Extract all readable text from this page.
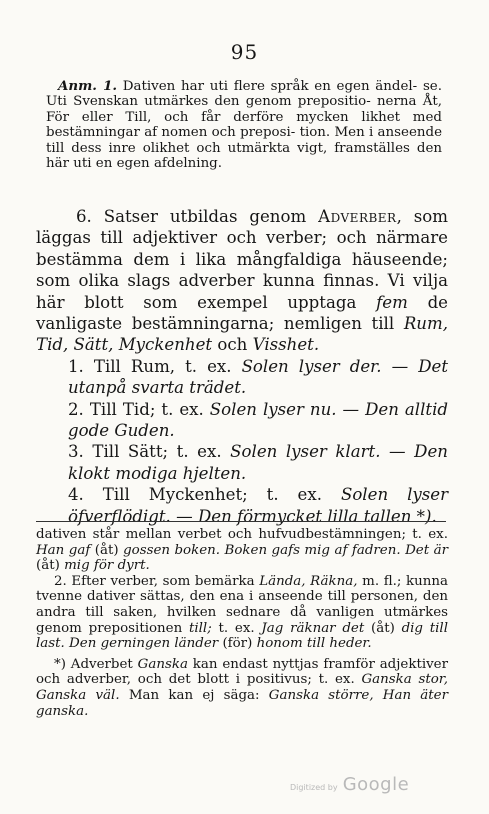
95

Anm. 1. Dativen har uti flere språk en egen ändel- se. Uti Svenskan utmärkes den genom prepositio- nerna Åt, För eller Till, och får derföre mycken likhet med bestämningar af nomen och preposi- tion. Men i anseende till dess inre olikhet och utmärkta vigt, framställes den här uti en egen afdelning.

6. Satser utbildas genom Adverber, som läggas till adjektiver och verber; och närmare bestämma dem i lika mångfaldiga häuseende; som olika slags adverber kunna finnas. Vi vilja här blott som exempel upptaga fem de vanligaste bestämningarna; nemligen till Rum, Tid, Sätt, Myckenhet och Visshet.

1. Till Rum, t. ex. Solen lyser der. — Det utanpå svarta trädet.

2. Till Tid; t. ex. Solen lyser nu. — Den alltid gode Guden.

3. Till Sätt; t. ex. Solen lyser klart. — Den klokt modiga hjelten.

4. Till Myckenhet; t. ex. Solen lyser öfverflödigt. — Den förmycket lilla tallen *).

dativen står mellan verbet och hufvudbestämningen; t. ex. Han gaf (åt) gossen boken. Boken gafs mig af fadren. Det är (åt) mig för dyrt.

2. Efter verber, som bemärka Lända, Räkna, m. fl.; kunna tvenne dativer sättas, den ena i anseende till personen, den andra till saken, hvilken sednare då vanligen utmärkes genom prepositionen till; t. ex. Jag räknar det (åt) dig till last. Den gerningen länder (för) honom till heder.

*) Adverbet Ganska kan endast nyttjas framför adjektiver och adverber, och det blott i positivus; t. ex. Ganska stor, Ganska väl. Man kan ej säga: Ganska större, Han äter ganska.

Digitized by Google
